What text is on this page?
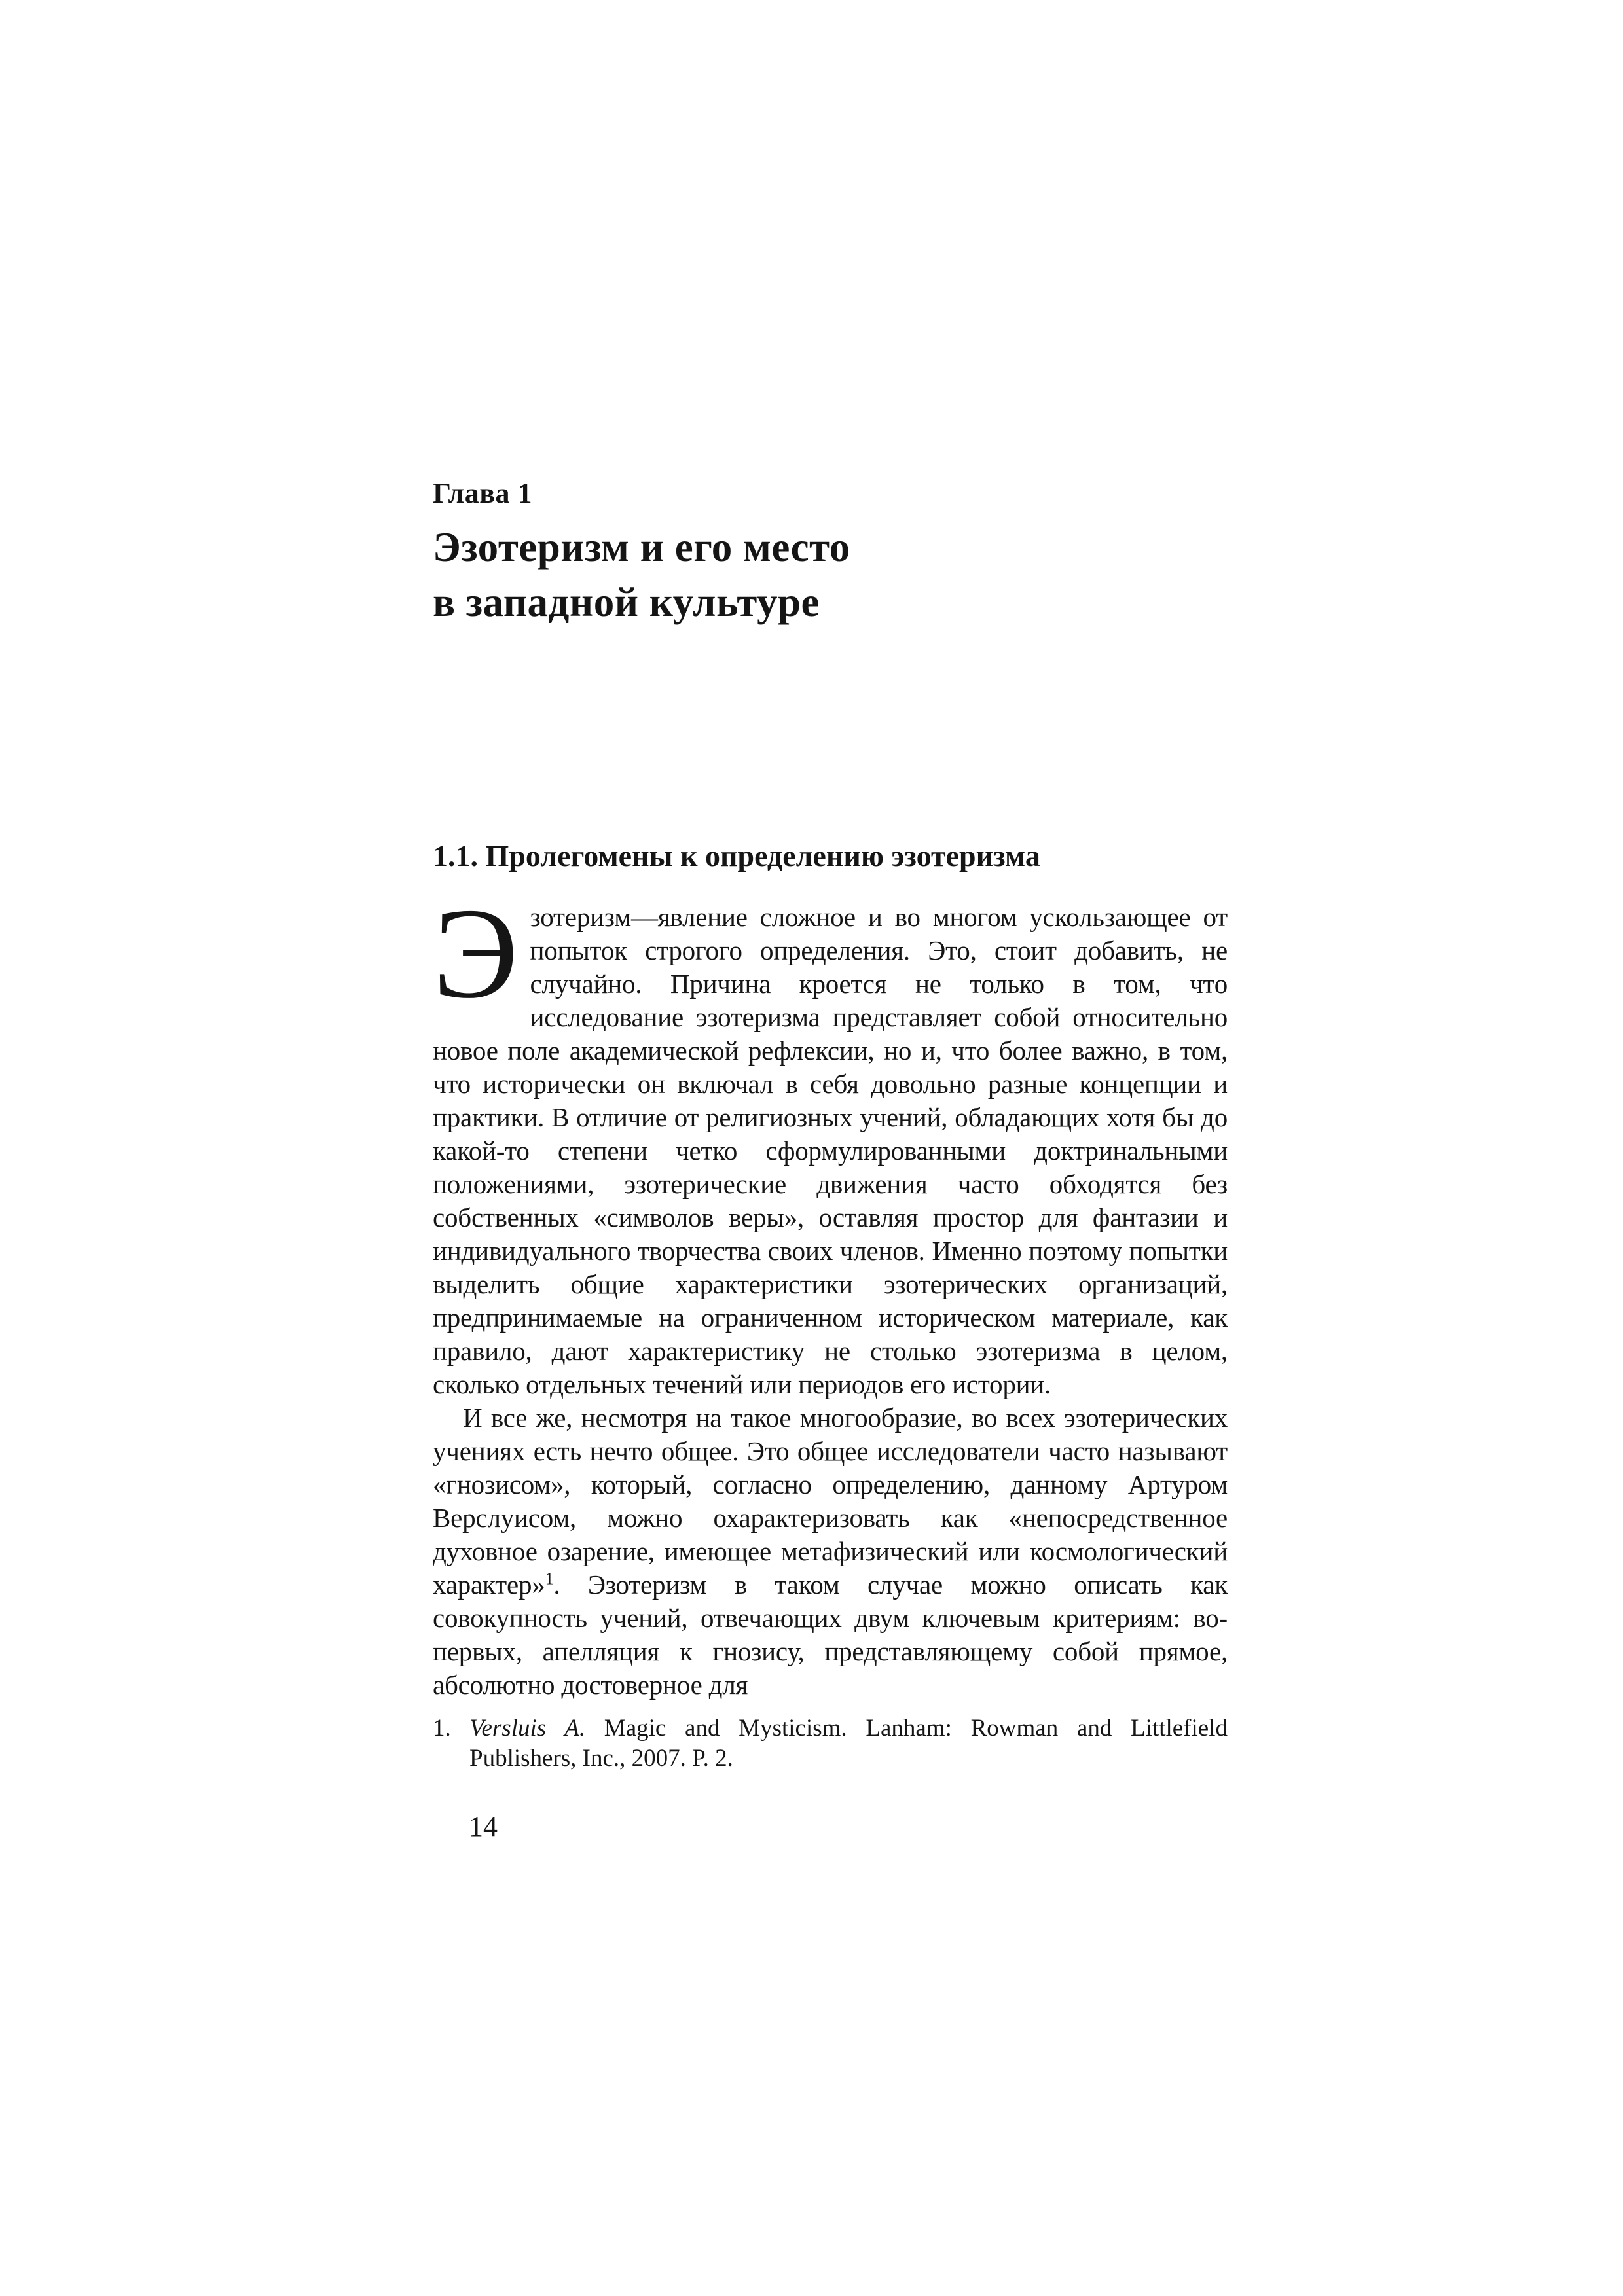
Глава 1
Эзотеризм и его место
в западной культуре
1.1. Пролегомены к определению эзотеризма

Эзотеризм—явление сложное и во многом ускользающее от попыток строгого определения. Это, стоит добавить, не случайно. Причина кроется не только в том, что исследование эзотеризма представляет собой относительно новое поле академической рефлексии, но и, что более важно, в том, что исторически он включал в себя довольно разные концепции и практики. В отличие от религиозных учений, обладающих хотя бы до какой-то степени четко сформулированными доктринальными положениями, эзотерические движения часто обходятся без собственных «символов веры», оставляя простор для фантазии и индивидуального творчества своих членов. Именно поэтому попытки выделить общие характеристики эзотерических организаций, предпринимаемые на ограниченном историческом материале, как правило, дают характеристику не столько эзотеризма в целом, сколько отдельных течений или периодов его истории.

И все же, несмотря на такое многообразие, во всех эзотерических учениях есть нечто общее. Это общее исследователи часто называют «гнозисом», который, согласно определению, данному Артуром Верслуисом, можно охарактеризовать как «непосредственное духовное озарение, имеющее метафизический или космологический характер»$^1$. Эзотеризм в таком случае можно описать как совокупность учений, отвечающих двум ключевым критериям: во-первых, апелляция к гнозису, представляющему собой прямое, абсолютно достоверное для

1. Versluis A. Magic and Mysticism. Lanham: Rowman and Littlefield Publishers, Inc., 2007. P. 2.
14
